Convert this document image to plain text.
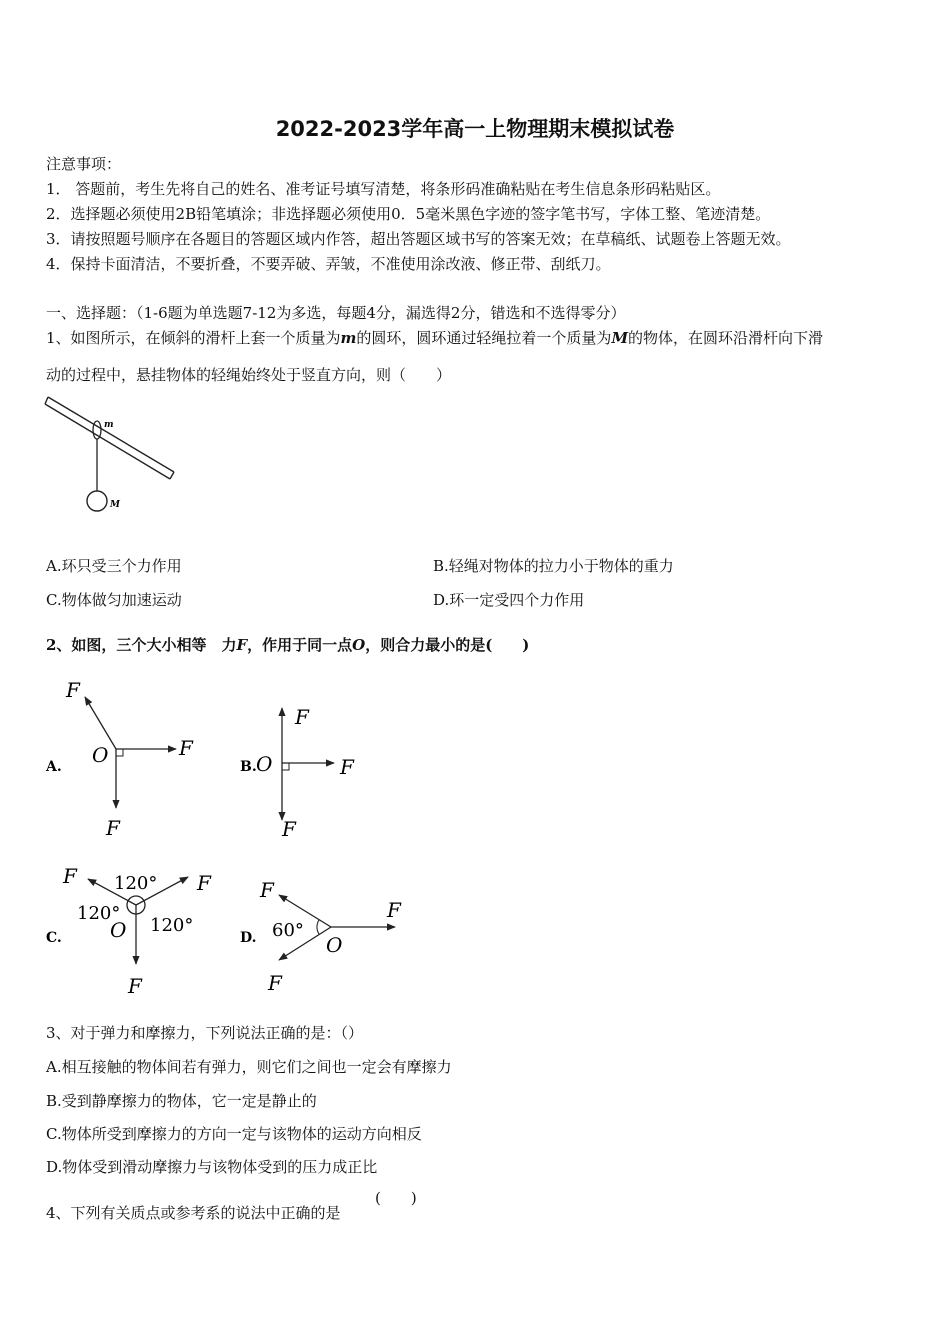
2022-2023学年高一上物理期末模拟试卷
注意事项：
1． 答题前，考生先将自己的姓名、准考证号填写清楚，将条形码准确粘贴在考生信息条形码粘贴区。
2．选择题必须使用2B铅笔填涂；非选择题必须使用0．5毫米黑色字迹的签字笔书写，字体工整、笔迹清楚。
3．请按照题号顺序在各题目的答题区域内作答，超出答题区域书写的答案无效；在草稿纸、试题卷上答题无效。
4．保持卡面清洁，不要折叠，不要弄破、弄皱，不准使用涂改液、修正带、刮纸刀。
一、选择题：（1-6题为单选题7-12为多选，每题4分，漏选得2分，错选和不选得零分）
1、如图所示，在倾斜的滑杆上套一个质量为m的圆环，圆环通过轻绳拉着一个质量为M的物体，在圆环沿滑杆向下滑
动的过程中，悬挂物体的轻绳始终处于竖直方向，则（　　）
m
M
A.环只受三个力作用	B.轻绳对物体的拉力小于物体的重力
C.物体做匀加速运动	D.环一定受四个力作用
2、如图，三个大小相等　力F，作用于同一点O，则合力最小的是(　　)
A.
F
F
F
O	B.
F
F
F
O
C.
F	F
F
O
120°
120°
120°
D.
F
F
F
O
60°
3、对于弹力和摩擦力，下列说法正确的是：（）
A.相互接触的物体间若有弹力，则它们之间也一定会有摩擦力
B.受到静摩擦力的物体，它一定是静止的
C.物体所受到摩擦力的方向一定与该物体的运动方向相反
D.物体受到滑动摩擦力与该物体受到的压力成正比
4、下列有关质点或参考系的说法中正确的是
(　　)
